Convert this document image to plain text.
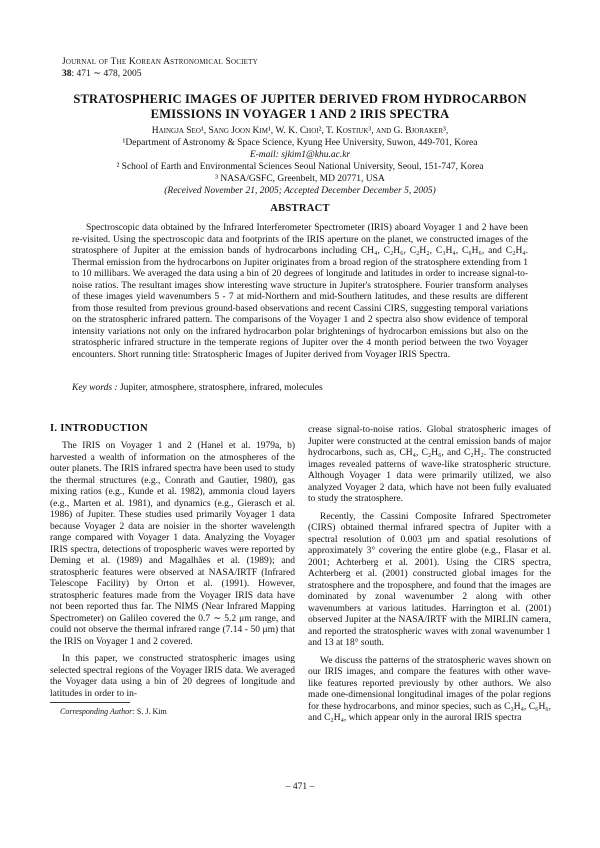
Journal of The Korean Astronomical Society
38: 471 ∼ 478, 2005
STRATOSPHERIC IMAGES OF JUPITER DERIVED FROM HYDROCARBON
EMISSIONS IN VOYAGER 1 AND 2 IRIS SPECTRA
Haingja Seo¹, Sang Joon Kim¹, W. K. Choi², T. Kostiuk³, and G. Bjoraker³,
¹Department of Astronomy & Space Science, Kyung Hee University, Suwon, 449-701, Korea
E-mail: sjkim1@khu.ac.kr
² School of Earth and Environmental Sciences Seoul National University, Seoul, 151-747, Korea
³ NASA/GSFC, Greenbelt, MD 20771, USA
(Received November 21, 2005; Accepted December December 5, 2005)
ABSTRACT
Spectroscopic data obtained by the Infrared Interferometer Spectrometer (IRIS) aboard Voyager 1 and 2 have been re-visited. Using the spectroscopic data and footprints of the IRIS aperture on the planet, we constructed images of the stratosphere of Jupiter at the emission bands of hydrocarbons including CH₄, C₂H₆, C₂H₂, C₃H₄, C₆H₆, and C₂H₄. Thermal emission from the hydrocarbons on Jupiter originates from a broad region of the stratosphere extending from 1 to 10 millibars. We averaged the data using a bin of 20 degrees of longitude and latitudes in order to increase signal-to-noise ratios. The resultant images show interesting wave structure in Jupiter's stratosphere. Fourier transform analyses of these images yield wavenumbers 5 - 7 at mid-Northern and mid-Southern latitudes, and these results are different from those resulted from previous ground-based observations and recent Cassini CIRS, suggesting temporal variations on the stratospheric infrared pattern. The comparisons of the Voyager 1 and 2 spectra also show evidence of temporal intensity variations not only on the infrared hydrocarbon polar brightenings of hydrocarbon emissions but also on the stratospheric infrared structure in the temperate regions of Jupiter over the 4 month period between the two Voyager encounters. Short running title: Stratospheric Images of Jupiter derived from Voyager IRIS Spectra.
Key words : Jupiter, atmosphere, stratosphere, infrared, molecules
I. INTRODUCTION

The IRIS on Voyager 1 and 2 (Hanel et al. 1979a, b) harvested a wealth of information on the atmospheres of the outer planets. The IRIS infrared spectra have been used to study the thermal structures (e.g., Conrath and Gautier, 1980), gas mixing ratios (e.g., Kunde et al. 1982), ammonia cloud layers (e.g., Marten et al. 1981), and dynamics (e.g., Gierasch et al. 1986) of Jupiter. These studies used primarily Voyager 1 data because Voyager 2 data are noisier in the shorter wavelength range compared with Voyager 1 data. Analyzing the Voyager IRIS spectra, detections of tropospheric waves were reported by Deming et al. (1989) and Magalhães et al. (1989); and stratospheric features were observed at NASA/IRTF (Infrared Telescope Facility) by Orton et al. (1991). However, stratospheric features made from the Voyager IRIS data have not been reported thus far. The NIMS (Near Infrared Mapping Spectrometer) on Galileo covered the 0.7 ∼ 5.2 μm range, and could not observe the thermal infrared range (7.14 - 50 μm) that the IRIS on Voyager 1 and 2 covered.

In this paper, we constructed stratospheric images using selected spectral regions of the Voyager IRIS data. We averaged the Voyager data using a bin of 20 degrees of longitude and latitudes in order to in-

crease signal-to-noise ratios. Global stratospheric images of Jupiter were constructed at the central emission bands of major hydrocarbons, such as, CH₄, C₂H₆, and C₂H₂. The constructed images revealed patterns of wave-like stratospheric structure. Although Voyager 1 data were primarily utilized, we also analyzed Voyager 2 data, which have not been fully evaluated to study the stratosphere.

Recently, the Cassini Composite Infrared Spectrometer (CIRS) obtained thermal infrared spectra of Jupiter with a spectral resolution of 0.003 μm and spatial resolutions of approximately 3° covering the entire globe (e.g., Flasar et al. 2001; Achterberg et al. 2001). Using the CIRS spectra, Achterberg et al. (2001) constructed global images for the stratosphere and the troposphere, and found that the images are dominated by zonal wavenumber 2 along with other wavenumbers at various latitudes. Harrington et al. (2001) observed Jupiter at the NASA/IRTF with the MIRLIN camera, and reported the stratospheric waves with zonal wavenumber 1 and 13 at 18° south.

We discuss the patterns of the stratospheric waves shown on our IRIS images, and compare the features with other wave-like features reported previously by other authors. We also made one-dimensional longitudinal images of the polar regions for these hydrocarbons, and minor species, such as C₃H₄, C₆H₆, and C₂H₄, which appear only in the auroral IRIS spectra

Corresponding Author: S. J. Kim
– 471 –
